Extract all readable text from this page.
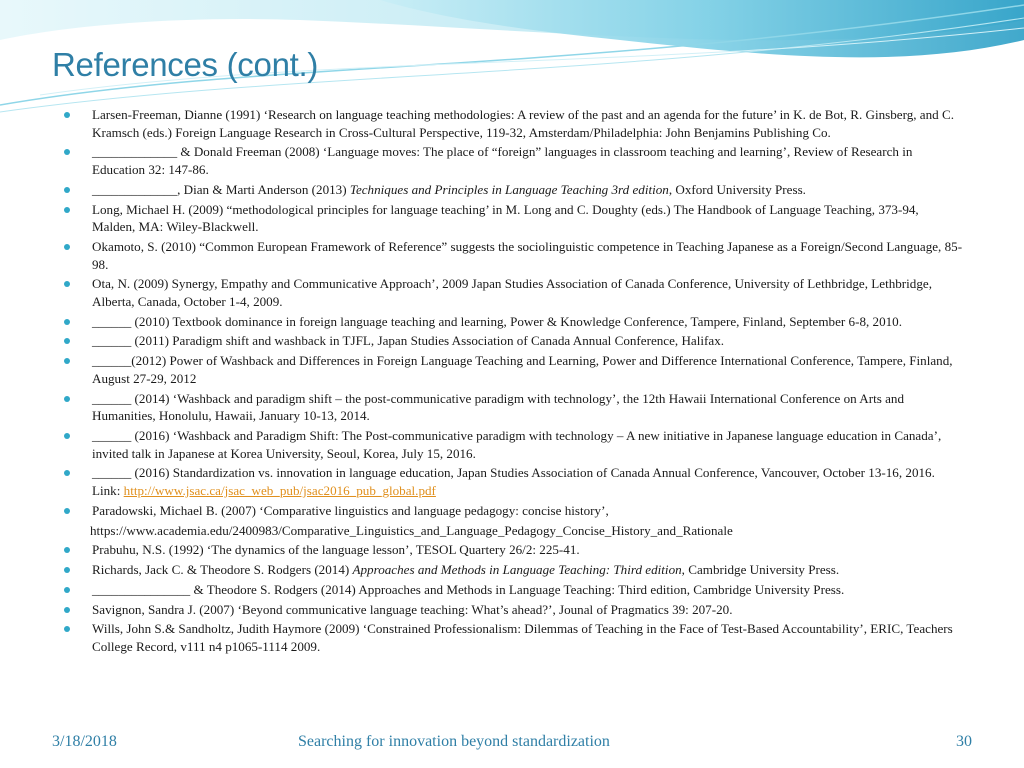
References (cont.)
Larsen-Freeman, Dianne (1991) ‘Research on language teaching methodologies: A review of the past and an agenda for the future’ in K. de Bot, R. Ginsberg, and C. Kramsch (eds.) Foreign Language Research in Cross-Cultural Perspective, 119-32, Amsterdam/Philadelphia: John Benjamins Publishing Co.
_____________ & Donald Freeman (2008) ‘Language moves: The place of “foreign” languages in classroom teaching and learning’, Review of Research in Education 32: 147-86.
_____________, Dian & Marti Anderson (2013) Techniques and Principles in Language Teaching 3rd edition, Oxford University Press.
Long, Michael H. (2009) “methodological principles for language teaching’ in M. Long and C. Doughty (eds.) The Handbook of Language Teaching, 373-94, Malden, MA: Wiley-Blackwell.
Okamoto, S. (2010) “Common European Framework of Reference” suggests the sociolinguistic competence in Teaching Japanese as a Foreign/Second Language, 85-98.
Ota, N. (2009) Synergy, Empathy and Communicative Approach’, 2009 Japan Studies Association of Canada Conference, University of Lethbridge, Lethbridge, Alberta, Canada, October 1-4, 2009.
______ (2010) Textbook dominance in foreign language teaching and learning, Power & Knowledge Conference, Tampere, Finland, September 6-8, 2010.
______ (2011) Paradigm shift and washback in TJFL, Japan Studies Association of Canada Annual Conference, Halifax.
______(2012) Power of Washback and Differences in Foreign Language Teaching and Learning, Power and Difference International Conference, Tampere, Finland, August 27-29, 2012
______ (2014) ‘Washback and paradigm shift – the post-communicative paradigm with technology’, the 12th Hawaii International Conference on Arts and Humanities, Honolulu, Hawaii, January 10-13, 2014.
______ (2016) ‘Washback and Paradigm Shift: The Post-communicative paradigm with technology – A new initiative in Japanese language education in Canada’, invited talk in Japanese at Korea University, Seoul, Korea, July 15, 2016.
______ (2016) Standardization vs. innovation in language education, Japan Studies Association of Canada Annual Conference, Vancouver, October 13-16, 2016. Link: http://www.jsac.ca/jsac_web_pub/jsac2016_pub_global.pdf
Paradowski, Michael B. (2007) ‘Comparative linguistics and language pedagogy: concise history’,
https://www.academia.edu/2400983/Comparative_Linguistics_and_Language_Pedagogy_Concise_History_and_Rationale
Prabuhu, N.S. (1992) ‘The dynamics of the language lesson’, TESOL Quartery 26/2: 225-41.
Richards, Jack C. & Theodore S. Rodgers (2014) Approaches and Methods in Language Teaching: Third edition, Cambridge University Press.
_______________ & Theodore S. Rodgers (2014) Approaches and Methods in Language Teaching: Third edition, Cambridge University Press.
Savignon, Sandra J. (2007) ‘Beyond communicative language teaching: What’s ahead?’, Jounal of Pragmatics 39: 207-20.
Wills, John S.& Sandholtz, Judith Haymore (2009) ‘Constrained Professionalism: Dilemmas of Teaching in the Face of Test-Based Accountability’, ERIC, Teachers College Record, v111 n4 p1065-1114 2009.
3/18/2018	Searching for innovation beyond standardization	30
